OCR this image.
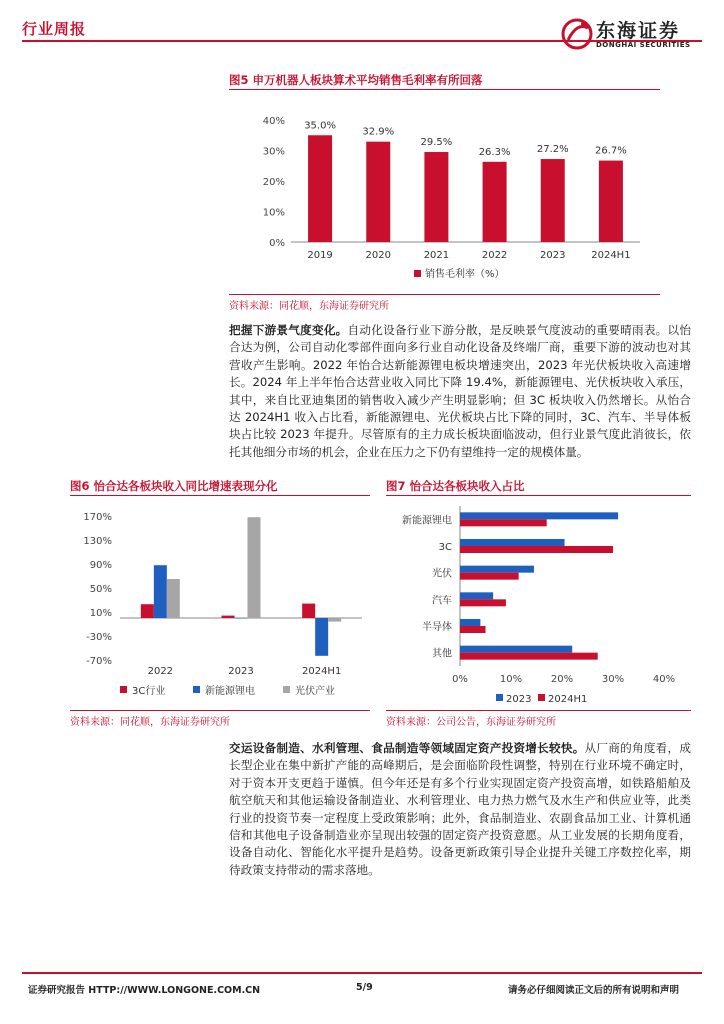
行业周报	东海证券
DONGHAI SECURITIES
图5 申万机器人板块算术平均销售毛利率有所回落
0%
10%
20%
30%
40% 35.0%
2019
32.9%
2020
29.5%
2021
26.3%
2022
27.2%
2023
26.7%
2024H1
销售毛利率（%）
资料来源：同花顺，东海证券研究所
把握下游景气度变化。自动化设备行业下游分散，是反映景气度波动的重要晴雨表。以怡合达为例，公司自动化零部件面向多行业自动化设备及终端厂商，重要下游的波动也对其营收产生影响。2022 年怡合达新能源锂电板块增速突出，2023 年光伏板块收入高速增长。2024 年上半年怡合达营业收入同比下降 19.4%，新能源锂电、光伏板块收入承压，其中，来自比亚迪集团的销售收入减少产生明显影响；但 3C 板块收入仍然增长。从怡合达 2024H1 收入占比看，新能源锂电、光伏板块占比下降的同时，3C、汽车、半导体板块占比较 2023 年提升。尽管原有的主力成长板块面临波动，但行业景气度此消彼长，依托其他细分市场的机会，企业在压力之下仍有望维持一定的规模体量。
图6 怡合达各板块收入同比增速表现分化
-70%
-30%
10%
50%
90%
130%
170%
2022	2023	2024H1
3C行业	新能源锂电	光伏产业
资料来源：同花顺，东海证券研究所
图7 怡合达各板块收入占比
0%	10%	20%	30%	40%
新能源锂电
3C
光伏
汽车
半导体
其他
2023 2024H1
资料来源：公司公告，东海证券研究所
交运设备制造、水利管理、食品制造等领域固定资产投资增长较快。从厂商的角度看，成长型企业在集中新扩产能的高峰期后，是会面临阶段性调整，特别在行业环境不确定时，对于资本开支更趋于谨慎。但今年还是有多个行业实现固定资产投资高增，如铁路船舶及航空航天和其他运输设备制造业、水利管理业、电力热力燃气及水生产和供应业等，此类行业的投资节奏一定程度上受政策影响；此外，食品制造业、农副食品加工业、计算机通信和其他电子设备制造业亦呈现出较强的固定资产投资意愿。从工业发展的长期角度看，设备自动化、智能化水平提升是趋势。设备更新政策引导企业提升关键工序数控化率，期待政策支持带动的需求落地。
证券研究报告 HTTP://WWW.LONGONE.COM.CN	5/9	请务必仔细阅读正文后的所有说明和声明
